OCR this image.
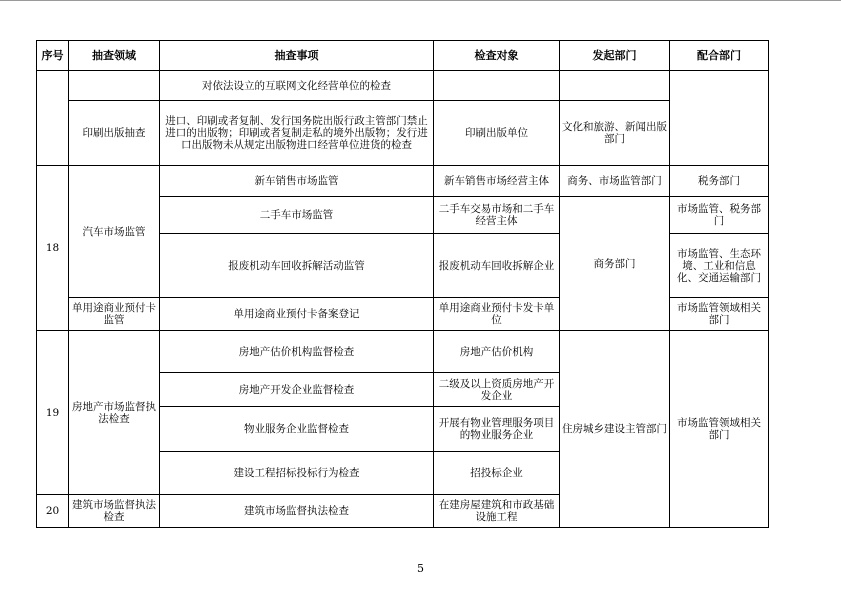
序号	抽查领域	抽查事项	检查对象	发起部门	配合部门
		对依法设立的互联网文化经营单位的检查			
	印刷出版抽查	进口、印刷或者复制、发行国务院出版行政主管部门禁止进口的出版物；印刷或者复制走私的境外出版物；发行进口出版物未从规定出版物进口经营单位进货的检查	印刷出版单位	文化和旅游、新闻出版部门	
18	汽车市场监管	新车销售市场监管	新车销售市场经营主体	商务、市场监管部门	税务部门
		二手车市场监管	二手车交易市场和二手车经营主体	商务部门	市场监管、税务部门
		报废机动车回收拆解活动监管	报废机动车回收拆解企业		市场监管、生态环境、工业和信息化、交通运输部门
	单用途商业预付卡监管	单用途商业预付卡备案登记	单用途商业预付卡发卡单位		市场监管领域相关部门
19	房地产市场监督执法检查	房地产估价机构监督检查	房地产估价机构	住房城乡建设主管部门	市场监管领域相关部门
		房地产开发企业监督检查	二级及以上资质房地产开发企业		
		物业服务企业监督检查	开展有物业管理服务项目的物业服务企业		
		建设工程招标投标行为检查	招投标企业		
20	建筑市场监督执法检查	建筑市场监督执法检查	在建房屋建筑和市政基础设施工程		
5
